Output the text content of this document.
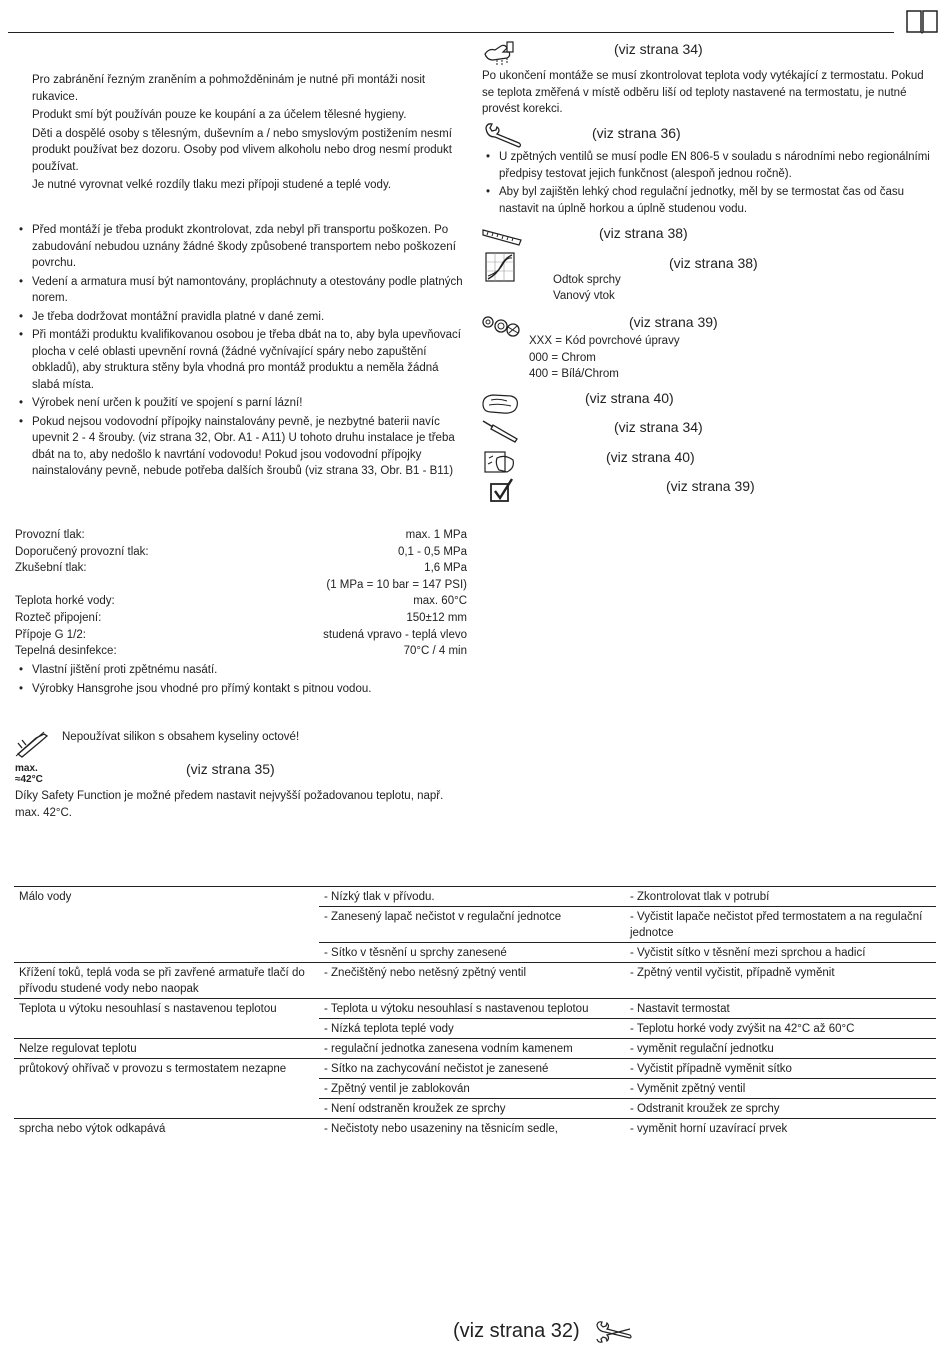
Pro zabránění řezným zraněním a pohmožděninám je nutné při montáži nosit rukavice.

Produkt smí být používán pouze ke koupání a za účelem tělesné hygieny.

Děti a dospělé osoby s tělesným, duševním a / nebo smyslovým postižením nesmí produkt používat bez dozoru. Osoby pod vlivem alkoholu nebo drog nesmí produkt používat.

Je nutné vyrovnat velké rozdíly tlaku mezi přípoji studené a teplé vody.

• Před montáží je třeba produkt zkontrolovat, zda nebyl při transportu poškozen. Po zabudování nebudou uznány žádné škody způsobené transportem nebo poškození povrchu.
• Vedení a armatura musí být namontovány, propláchnuty a otestovány podle platných norem.
• Je třeba dodržovat montážní pravidla platné v dané zemi.
• Při montáži produktu kvalifikovanou osobou je třeba dbát na to, aby byla upevňovací plocha v celé oblasti upevnění rovná (žádné vyčnívající spáry nebo zapuštění obkladů), aby struktura stěny byla vhodná pro montáž produktu a neměla žádná slabá místa.
• Výrobek není určen k použití ve spojení s parní lázní!
• Pokud nejsou vodovodní přípojky nainstalovány pevně, je nezbytné baterii navíc upevnit 2 - 4 šrouby. (viz strana 32, Obr. A1 - A11) U tohoto druhu instalace je třeba dbát na to, aby nedošlo k navrtání vodovodu! Pokud jsou vodovodní přípojky nainstalovány pevně, nebude potřeba dalších šroubů (viz strana 33, Obr. B1 - B11)
Provozní tlak:	max. 1 MPa
Doporučený provozní tlak:	0,1 - 0,5 MPa
Zkušební tlak:	1,6 MPa
(1 MPa = 10 bar = 147 PSI)
Teplota horké vody:	max. 60°C
Rozteč připojení:	150±12 mm
Přípoje G 1/2:	studená vpravo - teplá vlevo
Tepelná desinfekce:	70°C / 4 min
• Vlastní jištění proti zpětnému nasátí.
• Výrobky Hansgrohe jsou vhodné pro přímý kontakt s pitnou vodou.
Nepoužívat silikon s obsahem kyseliny octové!
max.
≈42°C
(viz strana 35)

Díky Safety Function je možné předem nastavit nejvyšší požadovanou teplotu, např. max. 42°C.

(viz strana 34)

Po ukončení montáže se musí zkontrolovat teplota vody vytékající z termostatu. Pokud se teplota změřená v místě odběru liší od teploty nastavené na termostatu, je nutné provést korekci.

(viz strana 36)
• U zpětných ventilů se musí podle EN 806-5 v souladu s národními nebo regionálními předpisy testovat jejich funkčnost (alespoň jednou ročně).
• Aby byl zajištěn lehký chod regulační jednotky, měl by se termostat čas od času nastavit na úplně horkou a úplně studenou vodu.
(viz strana 38)
(viz strana 38)
Odtok sprchy
Vanový vtok
(viz strana 39)
XXX = Kód povrchové úpravy
000 = Chrom
400 = Bílá/Chrom
(viz strana 40)
(viz strana 34)
(viz strana 40)
(viz strana 39)
Málo vody	- Nízký tlak v přívodu.	- Zkontrolovat tlak v potrubí
	- Zanesený lapač nečistot v regulační jednotce	- Vyčistit lapače nečistot před termostatem a na regulační jednotce
	- Sítko v těsnění u sprchy zanesené	- Vyčistit sítko v těsnění mezi sprchou a hadicí
Křížení toků, teplá voda se při zavřené armatuře tlačí do přívodu studené vody nebo naopak	- Znečištěný nebo netěsný zpětný ventil	- Zpětný ventil vyčistit, případně vyměnit
Teplota u výtoku nesouhlasí s nastavenou teplotou	- Teplota u výtoku nesouhlasí s nastavenou teplotou	- Nastavit termostat
	- Nízká teplota teplé vody	- Teplotu horké vody zvýšit na 42°C až 60°C
Nelze regulovat teplotu	- regulační jednotka zanesena vodním kamenem	- vyměnit regulační jednotku
průtokový ohřívač v provozu s termostatem nezapne	- Sítko na zachycování nečistot je zanesené	- Vyčistit případně vyměnit sítko
	- Zpětný ventil je zablokován	- Vyměnit zpětný ventil
	- Není odstraněn kroužek ze sprchy	- Odstranit kroužek ze sprchy
sprcha nebo výtok odkapává	- Nečistoty nebo usazeniny na těsnicím sedle,	- vyměnit horní uzavírací prvek
(viz strana 32)
